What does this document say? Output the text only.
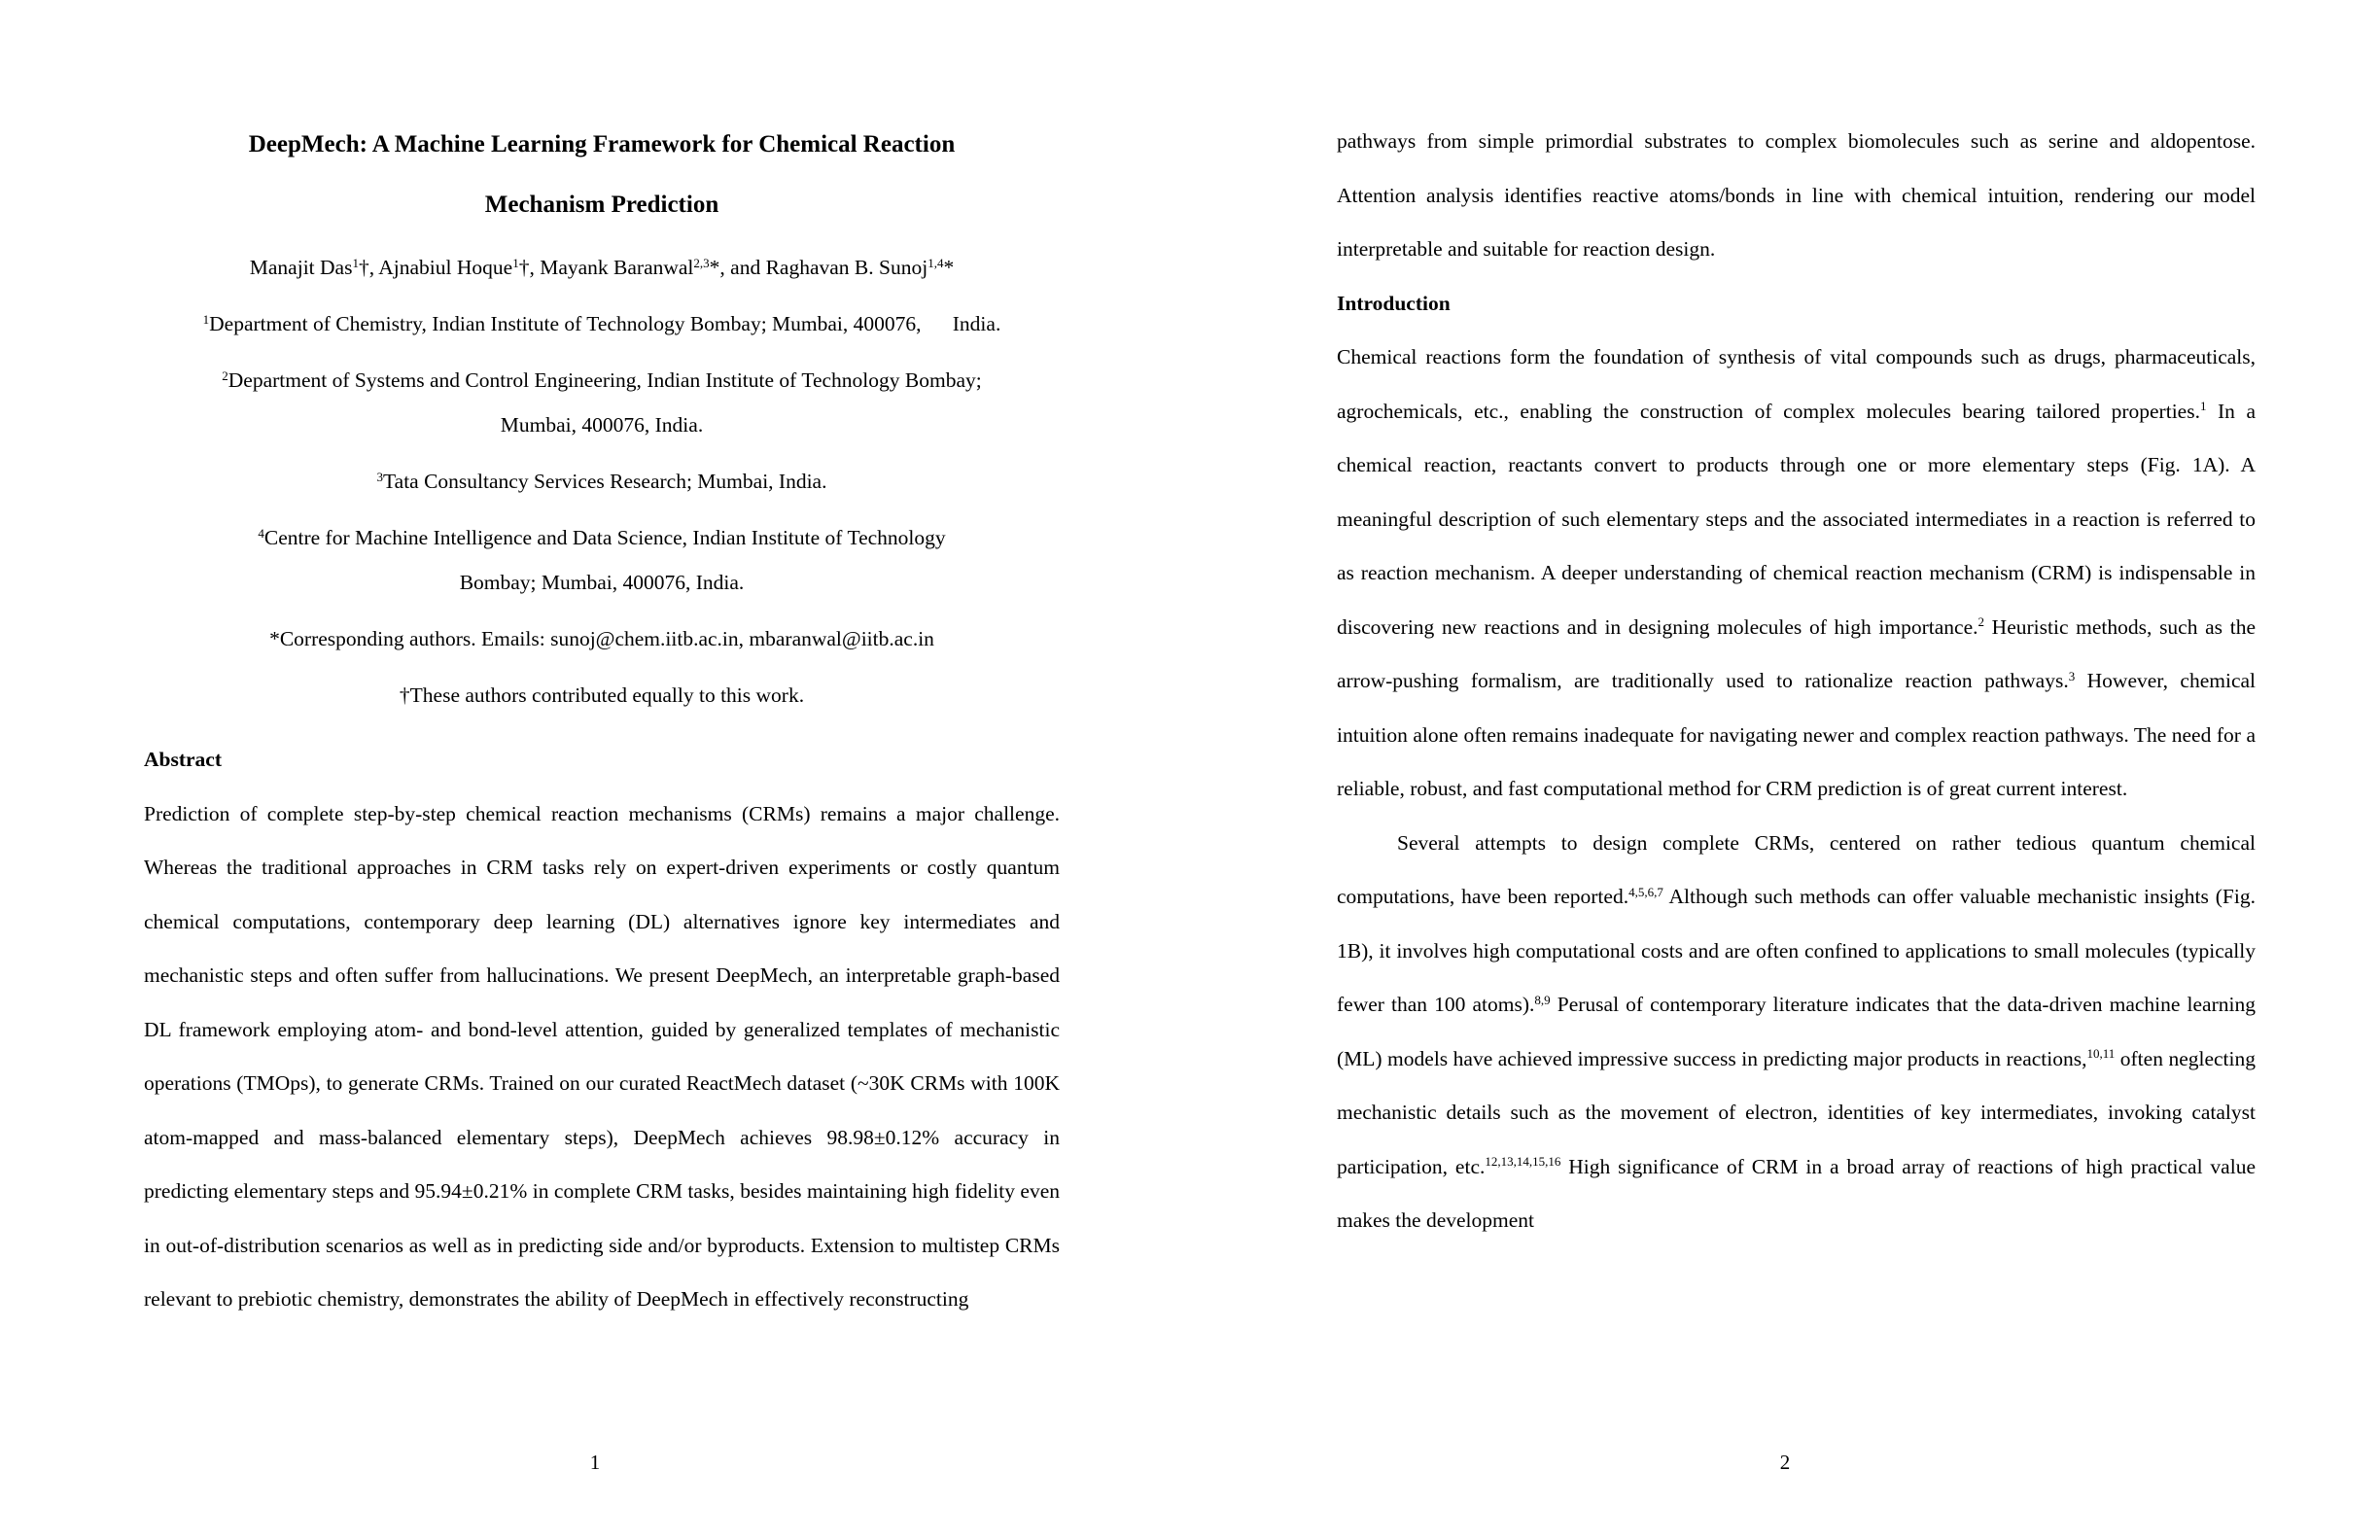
DeepMech: A Machine Learning Framework for Chemical Reaction
Mechanism Prediction

Manajit Das$^1$†, Ajnabiul Hoque$^1$†, Mayank Baranwal$^{2,3}$*, and Raghavan B. Sunoj$^{1,4}$*

$^1$Department of Chemistry, Indian Institute of Technology Bombay; Mumbai, 400076,      India.

$^2$Department of Systems and Control Engineering, Indian Institute of Technology Bombay;
Mumbai, 400076, India.

$^3$Tata Consultancy Services Research; Mumbai, India.

$^4$Centre for Machine Intelligence and Data Science, Indian Institute of Technology
Bombay; Mumbai, 400076, India.

*Corresponding authors. Emails: sunoj@chem.iitb.ac.in, mbaranwal@iitb.ac.in

†These authors contributed equally to this work.

Abstract

Prediction of complete step-by-step chemical reaction mechanisms (CRMs) remains a major challenge. Whereas the traditional approaches in CRM tasks rely on expert-driven experiments or costly quantum chemical computations, contemporary deep learning (DL) alternatives ignore key intermediates and mechanistic steps and often suffer from hallucinations. We present DeepMech, an interpretable graph-based DL framework employing atom- and bond-level attention, guided by generalized templates of mechanistic operations (TMOps), to generate CRMs. Trained on our curated ReactMech dataset (~30K CRMs with 100K atom-mapped and mass-balanced elementary steps), DeepMech achieves 98.98±0.12% accuracy in predicting elementary steps and 95.94±0.21% in complete CRM tasks, besides maintaining high fidelity even in out-of-distribution scenarios as well as in predicting side and/or byproducts. Extension to multistep CRMs relevant to prebiotic chemistry, demonstrates the ability of DeepMech in effectively reconstructing

1

pathways from simple primordial substrates to complex biomolecules such as serine and aldopentose. Attention analysis identifies reactive atoms/bonds in line with chemical intuition, rendering our model interpretable and suitable for reaction design.

Introduction

Chemical reactions form the foundation of synthesis of vital compounds such as drugs, pharmaceuticals, agrochemicals, etc., enabling the construction of complex molecules bearing tailored properties.$^1$ In a chemical reaction, reactants convert to products through one or more elementary steps (Fig. 1A). A meaningful description of such elementary steps and the associated intermediates in a reaction is referred to as reaction mechanism. A deeper understanding of chemical reaction mechanism (CRM) is indispensable in discovering new reactions and in designing molecules of high importance.$^2$ Heuristic methods, such as the arrow-pushing formalism, are traditionally used to rationalize reaction pathways.$^3$ However, chemical intuition alone often remains inadequate for navigating newer and complex reaction pathways. The need for a reliable, robust, and fast computational method for CRM prediction is of great current interest.

Several attempts to design complete CRMs, centered on rather tedious quantum chemical computations, have been reported.$^{4,5,6,7}$ Although such methods can offer valuable mechanistic insights (Fig. 1B), it involves high computational costs and are often confined to applications to small molecules (typically fewer than 100 atoms).$^{8,9}$ Perusal of contemporary literature indicates that the data-driven machine learning (ML) models have achieved impressive success in predicting major products in reactions,$^{10,11}$ often neglecting mechanistic details such as the movement of electron, identities of key intermediates, invoking catalyst participation, etc.$^{12,13,14,15,16}$ High significance of CRM in a broad array of reactions of high practical value makes the development

2
